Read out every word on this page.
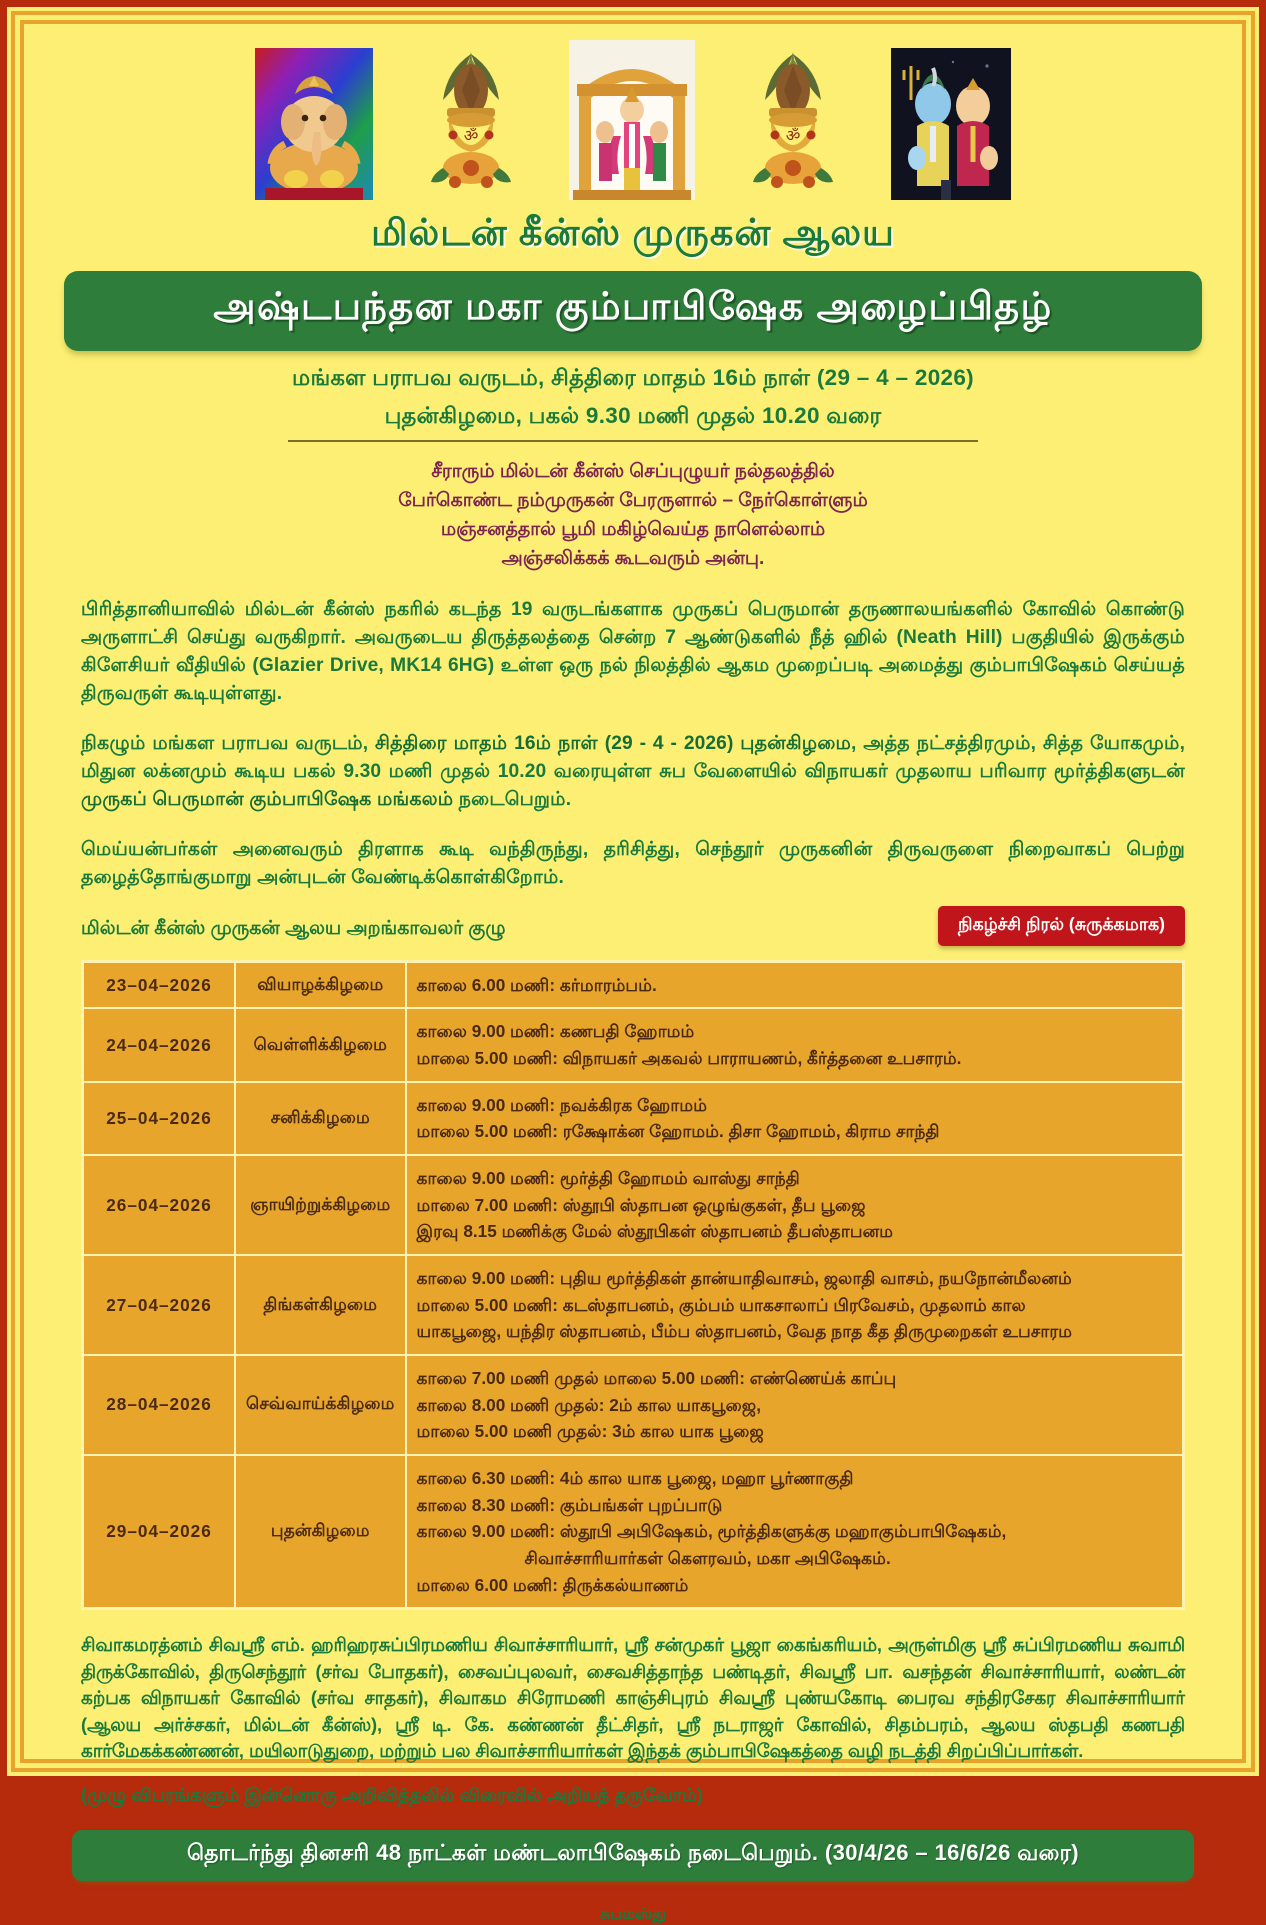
ॐ	ॐ
மில்டன் கீன்ஸ் முருகன் ஆலய
அஷ்டபந்தன மகா கும்பாபிஷேக அழைப்பிதழ்
மங்கள பராபவ வருடம், சித்திரை மாதம் 16ம் நாள் (29 – 4 – 2026)
புதன்கிழமை, பகல் 9.30 மணி முதல் 10.20 வரை
சீராரும் மில்டன் கீன்ஸ் செப்புழுயர் நல்தலத்தில்
பேர்கொண்ட நம்முருகன் பேரருளால் – நேர்கொள்ளும்
மஞ்சனத்தால் பூமி மகிழ்வெய்த நாளெல்லாம்
அஞ்சலிக்கக் கூடவரும் அன்பு.

பிரித்தானியாவில் மில்டன் கீன்ஸ் நகரில் கடந்த 19 வருடங்களாக முருகப் பெருமான் தருணாலயங்களில் கோவில் கொண்டு அருளாட்சி செய்து வருகிறார். அவருடைய திருத்தலத்தை சென்ற 7 ஆண்டுகளில் நீத் ஹில் (Neath Hill) பகுதியில் இருக்கும் கிளேசியர் வீதியில் (Glazier Drive, MK14 6HG) உள்ள ஒரு நல் நிலத்தில் ஆகம முறைப்படி அமைத்து கும்பாபிஷேகம் செய்யத் திருவருள் கூடியுள்ளது.

நிகழும் மங்கள பராபவ வருடம், சித்திரை மாதம் 16ம் நாள் (29 - 4 - 2026) புதன்கிழமை, அத்த நட்சத்திரமும், சித்த யோகமும், மிதுன லக்னமும் கூடிய பகல் 9.30 மணி முதல் 10.20 வரையுள்ள சுப வேளையில் விநாயகர் முதலாய பரிவார மூர்த்திகளுடன் முருகப் பெருமான் கும்பாபிஷேக மங்கலம் நடைபெறும்.

மெய்யன்பர்கள் அனைவரும் திரளாக கூடி வந்திருந்து, தரிசித்து, செந்தூர் முருகனின் திருவருளை நிறைவாகப் பெற்று தழைத்தோங்குமாறு அன்புடன் வேண்டிக்கொள்கிறோம்.

மில்டன் கீன்ஸ் முருகன் ஆலய அறங்காவலர் குழு	நிகழ்ச்சி நிரல் (சுருக்கமாக)
23–04–2026	வியாழக்கிழமை	காலை 6.00 மணி: கர்மாரம்பம்.

24–04–2026	வெள்ளிக்கிழமை	காலை 9.00 மணி: கணபதி ஹோமம்
மாலை 5.00 மணி: விநாயகர் அகவல் பாராயணம், கீர்த்தனை உபசாரம்.

25–04–2026	சனிக்கிழமை	காலை 9.00 மணி: நவக்கிரக ஹோமம்
மாலை 5.00 மணி: ரக்ஷோக்ன ஹோமம். திசா ஹோமம், கிராம சாந்தி

26–04–2026	ஞாயிற்றுக்கிழமை	காலை 9.00 மணி: மூர்த்தி ஹோமம் வாஸ்து சாந்தி
மாலை 7.00 மணி: ஸ்தூபி ஸ்தாபன ஒழுங்குகள், தீப பூஜை
இரவு 8.15 மணிக்கு மேல் ஸ்தூபிகள் ஸ்தாபனம் தீபஸ்தாபனம

27–04–2026	திங்கள்கிழமை	காலை 9.00 மணி: புதிய மூர்த்திகள் தான்யாதிவாசம், ஜலாதி வாசம், நயநோன்மீலனம்
மாலை 5.00 மணி: கடஸ்தாபனம், கும்பம் யாகசாலாப் பிரவேசம், முதலாம் கால
யாகபூஜை, யந்திர ஸ்தாபனம், பீம்ப ஸ்தாபனம், வேத நாத கீத திருமுறைகள் உபசாரம

28–04–2026	செவ்வாய்க்கிழமை	காலை 7.00 மணி முதல் மாலை 5.00 மணி: எண்ணெய்க் காப்பு
காலை 8.00 மணி முதல்: 2ம் கால யாகபூஜை,
மாலை 5.00 மணி முதல்: 3ம் கால யாக பூஜை

29–04–2026	புதன்கிழமை	காலை 6.30 மணி: 4ம் கால யாக பூஜை, மஹா பூர்ணாகுதி
காலை 8.30 மணி: கும்பங்கள் புறப்பாடு
காலை 9.00 மணி: ஸ்தூபி அபிஷேகம், மூர்த்திகளுக்கு மஹாகும்பாபிஷேகம்,
சிவாச்சாரியார்கள் கௌரவம், மகா அபிஷேகம்.
மாலை 6.00 மணி: திருக்கல்யாணம்

சிவாகமரத்னம் சிவஸ்ரீ எம். ஹரிஹரசுப்பிரமணிய சிவாச்சாரியார், ஸ்ரீ சன்முகர் பூஜா கைங்கரியம், அருள்மிகு ஸ்ரீ சுப்பிரமணிய சுவாமி திருக்கோவில், திருசெந்தூர் (சர்வ போதகர்), சைவப்புலவர், சைவசித்தாந்த பண்டிதர், சிவஸ்ரீ பா. வசந்தன் சிவாச்சாரியார், லண்டன் கற்பக விநாயகர் கோவில் (சர்வ சாதகர்), சிவாகம சிரோமணி காஞ்சிபுரம் சிவஸ்ரீ புண்யகோடி பைரவ சந்திரசேகர சிவாச்சாரியார் (ஆலய அர்ச்சகர், மில்டன் கீன்ஸ்), ஸ்ரீ டி. கே. கண்ணன் தீட்சிதர், ஸ்ரீ நடராஜர் கோவில், சிதம்பரம், ஆலய ஸ்தபதி கணபதி கார்மேகக்கண்ணன், மயிலாடுதுறை, மற்றும் பல சிவாச்சாரியார்கள் இந்தக் கும்பாபிஷேகத்தை வழி நடத்தி சிறப்பிப்பார்கள்.

(முழு விபரங்களும் இன்னொரு அறிவித்தலில் விரைவில் அறியத் தருவோம்)
தொடர்ந்து தினசரி 48 நாட்கள் மண்டலாபிஷேகம் நடைபெறும். (30/4/26 – 16/6/26 வரை)
சுபமஸ்து
